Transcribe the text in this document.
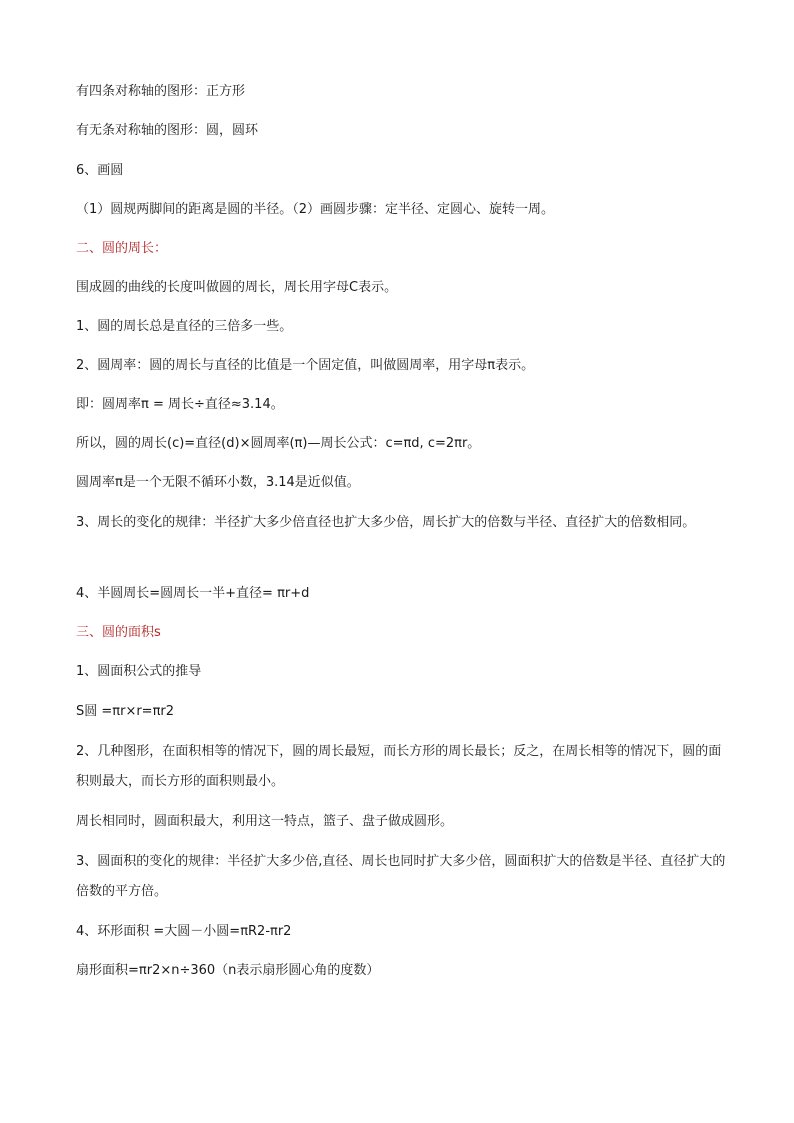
有四条对称轴的图形：正方形
有无条对称轴的图形：圆，圆环
6、画圆
（1）圆规两脚间的距离是圆的半径。（2）画圆步骤：定半径、定圆心、旋转一周。
二、圆的周长：
围成圆的曲线的长度叫做圆的周长，周长用字母C表示。
1、圆的周长总是直径的三倍多一些。
2、圆周率：圆的周长与直径的比值是一个固定值，叫做圆周率，用字母π表示。
即：圆周率π = 周长÷直径≈3.14。
所以，圆的周长(c)=直径(d)×圆周率(π)—周长公式：c=πd, c=2πr。
圆周率π是一个无限不循环小数，3.14是近似值。
3、周长的变化的规律：半径扩大多少倍直径也扩大多少倍，周长扩大的倍数与半径、直径扩大的倍数相同。
4、半圆周长=圆周长一半+直径= πr+d
三、圆的面积s
1、圆面积公式的推导
S圆 =πr×r=πr2
2、几种图形，在面积相等的情况下，圆的周长最短，而长方形的周长最长；反之，在周长相等的情况下，圆的面积则最大，而长方形的面积则最小。
周长相同时，圆面积最大，利用这一特点，篮子、盘子做成圆形。
3、圆面积的变化的规律：半径扩大多少倍,直径、周长也同时扩大多少倍，圆面积扩大的倍数是半径、直径扩大的倍数的平方倍。
4、环形面积 =大圆－小圆=πR2-πr2
扇形面积=πr2×n÷360（n表示扇形圆心角的度数）
